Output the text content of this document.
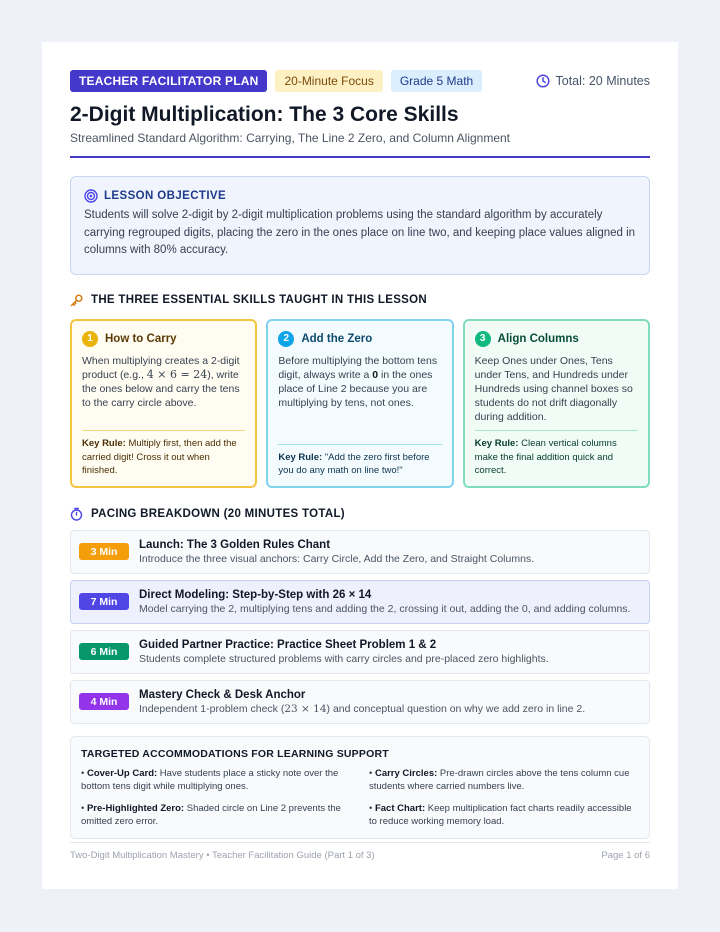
TEACHER FACILITATOR PLAN	20-Minute Focus	Grade 5 Math	Total: 20 Minutes
2-Digit Multiplication: The 3 Core Skills
Streamlined Standard Algorithm: Carrying, The Line 2 Zero, and Column Alignment
LESSON OBJECTIVE
Students will solve 2-digit by 2-digit multiplication problems using the standard algorithm by accurately carrying regrouped digits, placing the zero in the ones place on line two, and keeping place values aligned in columns with 80% accuracy.
THE THREE ESSENTIAL SKILLS TAUGHT IN THIS LESSON
1	How to Carry
When multiplying creates a 2-digit product (e.g., 4 × 6 = 24), write the ones below and carry the tens to the carry circle above.
Key Rule: Multiply first, then add the carried digit! Cross it out when finished.
2	Add the Zero
Before multiplying the bottom tens digit, always write a 0 in the ones place of Line 2 because you are multiplying by tens, not ones.
Key Rule: "Add the zero first before you do any math on line two!"
3	Align Columns
Keep Ones under Ones, Tens under Tens, and Hundreds under Hundreds using channel boxes so students do not drift diagonally during addition.
Key Rule: Clean vertical columns make the final addition quick and correct.
PACING BREAKDOWN (20 MINUTES TOTAL)
3 Min
Launch: The 3 Golden Rules Chant
Introduce the three visual anchors: Carry Circle, Add the Zero, and Straight Columns.
7 Min
Direct Modeling: Step-by-Step with 26 × 14
Model carrying the 2, multiplying tens and adding the 2, crossing it out, adding the 0, and adding columns.
6 Min
Guided Partner Practice: Practice Sheet Problem 1 & 2
Students complete structured problems with carry circles and pre-placed zero highlights.
4 Min
Mastery Check & Desk Anchor
Independent 1-problem check (23 × 14) and conceptual question on why we add zero in line 2.
TARGETED ACCOMMODATIONS FOR LEARNING SUPPORT
• Cover-Up Card: Have students place a sticky note over the bottom tens digit while multiplying ones.
• Carry Circles: Pre-drawn circles above the tens column cue students where carried numbers live.
• Pre-Highlighted Zero: Shaded circle on Line 2 prevents the omitted zero error.
• Fact Chart: Keep multiplication fact charts readily accessible to reduce working memory load.
Two-Digit Multiplication Mastery • Teacher Facilitation Guide (Part 1 of 3)	Page 1 of 6
